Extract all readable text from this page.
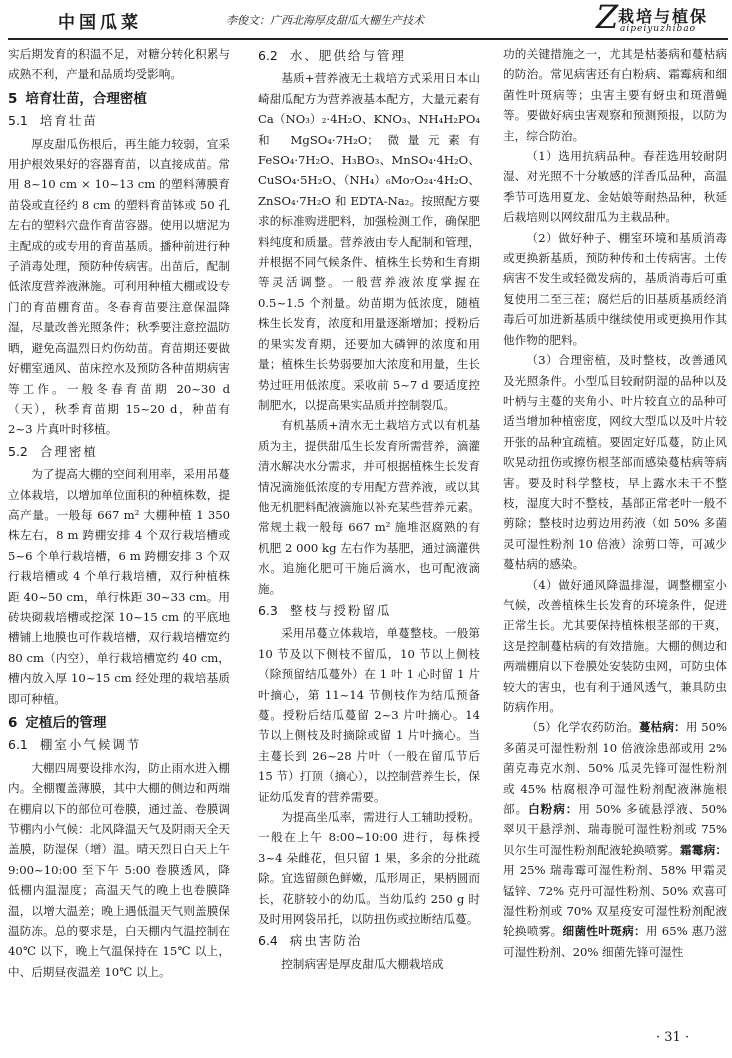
中国瓜菜	李俊文：广西北海厚皮甜瓜大棚生产技术	Z 栽培与植保
aipeiyuzhibao

实后期发育的积温不足，对糖分转化积累与成熟不利，产量和品质均受影响。

5 培育壮苗，合理密植
5.1 培育壮苗

厚皮甜瓜伤根后，再生能力较弱，宜采用护根效果好的容器育苗，以直接成苗。常用 8~10 cm × 10~13 cm 的塑料薄膜育苗袋或直径约 8 cm 的塑料育苗钵或 50 孔左右的塑料穴盘作育苗容器。使用以塘泥为主配成的或专用的育苗基质。播种前进行种子消毒处理，预防种传病害。出苗后，配制低浓度营养液淋施。可利用种植大棚或设专门的育苗棚育苗。冬春育苗要注意保温降湿，尽量改善光照条件；秋季要注意控温防晒，避免高温烈日灼伤幼苗。育苗期还要做好棚室通风、苗床控水及预防各种苗期病害等工作。一般冬春育苗期 20~30 d（天），秋季育苗期 15~20 d，种苗有 2~3 片真叶时移植。

5.2 合理密植

为了提高大棚的空间利用率，采用吊蔓立体栽培，以增加单位面积的种植株数，提高产量。一般每 667 m² 大棚种植 1 350 株左右，8 m 跨棚安排 4 个双行栽培槽或 5~6 个单行栽培槽，6 m 跨棚安排 3 个双行栽培槽或 4 个单行栽培槽，双行种植株距 40~50 cm，单行株距 30~33 cm。用砖块砌栽培槽或挖深 10~15 cm 的平底地槽铺上地膜也可作栽培槽，双行栽培槽宽约 80 cm（内空），单行栽培槽宽约 40 cm，槽内放入厚 10~15 cm 经处理的栽培基质即可种植。

6 定植后的管理
6.1 棚室小气候调节

大棚四周要设排水沟，防止雨水进入棚内。全棚覆盖薄膜，其中大棚的侧边和两端在棚肩以下的部位可卷膜，通过盖、卷膜调节棚内小气候：北风降温天气及阴雨天全天盖膜，防湿保（增）温。晴天烈日白天上午 9:00~10:00 至下午 5:00 卷膜透风，降低棚内温湿度；高温天气的晚上也卷膜降温，以增大温差；晚上遇低温天气则盖膜保温防冻。总的要求是，白天棚内气温控制在 40℃ 以下，晚上气温保持在 15℃ 以上，中、后期昼夜温差 10℃ 以上。

6.2 水、肥供给与管理

基质+营养液无土栽培方式采用日本山崎甜瓜配方为营养液基本配方，大量元素有 Ca（NO₃）₂·4H₂O、KNO₃、NH₄H₂PO₄ 和 MgSO₄·7H₂O；微量元素有 FeSO₄·7H₂O、H₃BO₃、MnSO₄·4H₂O、CuSO₄·5H₂O、（NH₄）₆Mo₇O₂₄·4H₂O、ZnSO₄·7H₂O 和 EDTA-Na₂。按照配方要求的标准购进肥料，加强检测工作，确保肥料纯度和质量。营养液由专人配制和管理，并根据不同气候条件、植株生长势和生育期等灵活调整。一般营养液浓度掌握在 0.5~1.5 个剂量。幼苗期为低浓度，随植株生长发育，浓度和用量逐渐增加；授粉后的果实发育期，还要加大磷钾的浓度和用量；植株生长势弱要加大浓度和用量，生长势过旺用低浓度。采收前 5~7 d 要适度控制肥水，以提高果实品质并控制裂瓜。

有机基质+清水无土栽培方式以有机基质为主，提供甜瓜生长发育所需营养，滴灌清水解决水分需求，并可根据植株生长发育情况滴施低浓度的专用配方营养液，或以其他无机肥料配液滴施以补充某些营养元素。常规土栽一般每 667 m² 施堆沤腐熟的有机肥 2 000 kg 左右作为基肥，通过滴灌供水。追施化肥可干施后滴水，也可配液滴施。

6.3 整枝与授粉留瓜

采用吊蔓立体栽培，单蔓整枝。一般第 10 节及以下侧枝不留瓜，10 节以上侧枝（除预留结瓜蔓外）在 1 叶 1 心时留 1 片叶摘心，第 11~14 节侧枝作为结瓜预备蔓。授粉后结瓜蔓留 2~3 片叶摘心。14 节以上侧枝及时摘除或留 1 片叶摘心。当主蔓长到 26~28 片叶（一般在留瓜节后 15 节）打顶（摘心），以控制营养生长，保证幼瓜发育的营养需要。

为提高坐瓜率，需进行人工辅助授粉。一般在上午 8:00~10:00 进行，每株授 3~4 朵雌花，但只留 1 果，多余的分批疏除。宜选留颜色鲜嫩，瓜形周正，果柄圆而长，花脐较小的幼瓜。当幼瓜约 250 g 时及时用网袋吊托，以防扭伤或拉断结瓜蔓。

6.4 病虫害防治

控制病害是厚皮甜瓜大棚栽培成

功的关键措施之一，尤其是枯萎病和蔓枯病的防治。常见病害还有白粉病、霜霉病和细菌性叶斑病等；虫害主要有蚜虫和斑潜蝇等。要做好病虫害观察和预测预报，以防为主，综合防治。

（1）选用抗病品种。春茬选用较耐阴湿、对光照不十分敏感的洋香瓜品种，高温季节可选用夏龙、金姑娘等耐热品种，秋延后栽培则以网纹甜瓜为主栽品种。

（2）做好种子、棚室环境和基质消毒或更换新基质，预防种传和土传病害。土传病害不发生或轻微发病的，基质消毒后可重复使用二至三茬；腐烂后的旧基质基质经消毒后可加进新基质中继续使用或更换用作其他作物的肥料。

（3）合理密植，及时整枝，改善通风及光照条件。小型瓜目较耐阴湿的品种以及叶柄与主蔓的夹角小、叶片较直立的品种可适当增加种植密度，网纹大型瓜以及叶片较开张的品种宜疏植。要固定好瓜蔓，防止风吹晃动扭伤或擦伤根茎部而感染蔓枯病等病害。要及时科学整枝，早上露水未干不整枝，湿度大时不整枝，基部正常老叶一般不剪除；整枝时边剪边用药液（如 50% 多菌灵可湿性粉剂 10 倍液）涂剪口等，可减少蔓枯病的感染。

（4）做好通风降温排湿，调整棚室小气候，改善植株生长发育的环境条件，促进正常生长。尤其要保持植株根茎部的干爽，这是控制蔓枯病的有效措施。大棚的侧边和两端棚肩以下卷膜处安装防虫网，可防虫体较大的害虫，也有利于通风透气，兼具防虫防病作用。

（5）化学农药防治。蔓枯病：用 50% 多菌灵可湿性粉剂 10 倍液涂患部或用 2% 菌克毒克水剂、50% 瓜灵先锋可湿性粉剂或 45% 枯腐根净可湿性粉剂配液淋施根部。白粉病：用 50% 多硫悬浮液、50% 翠贝干悬浮剂、瑞毒脱可湿性粉剂或 75% 贝尔生可湿性粉剂配液轮换喷雾。霜霉病：用 25% 瑞毒霉可湿性粉剂、58% 甲霜灵锰锌、72% 克丹可湿性粉剂、50% 欢喜可湿性粉剂或 70% 双星疫安可湿性粉剂配液轮换喷雾。细菌性叶斑病：用 65% 惠乃滋可湿性粉剂、20% 细菌先锋可湿性

· 31 ·
